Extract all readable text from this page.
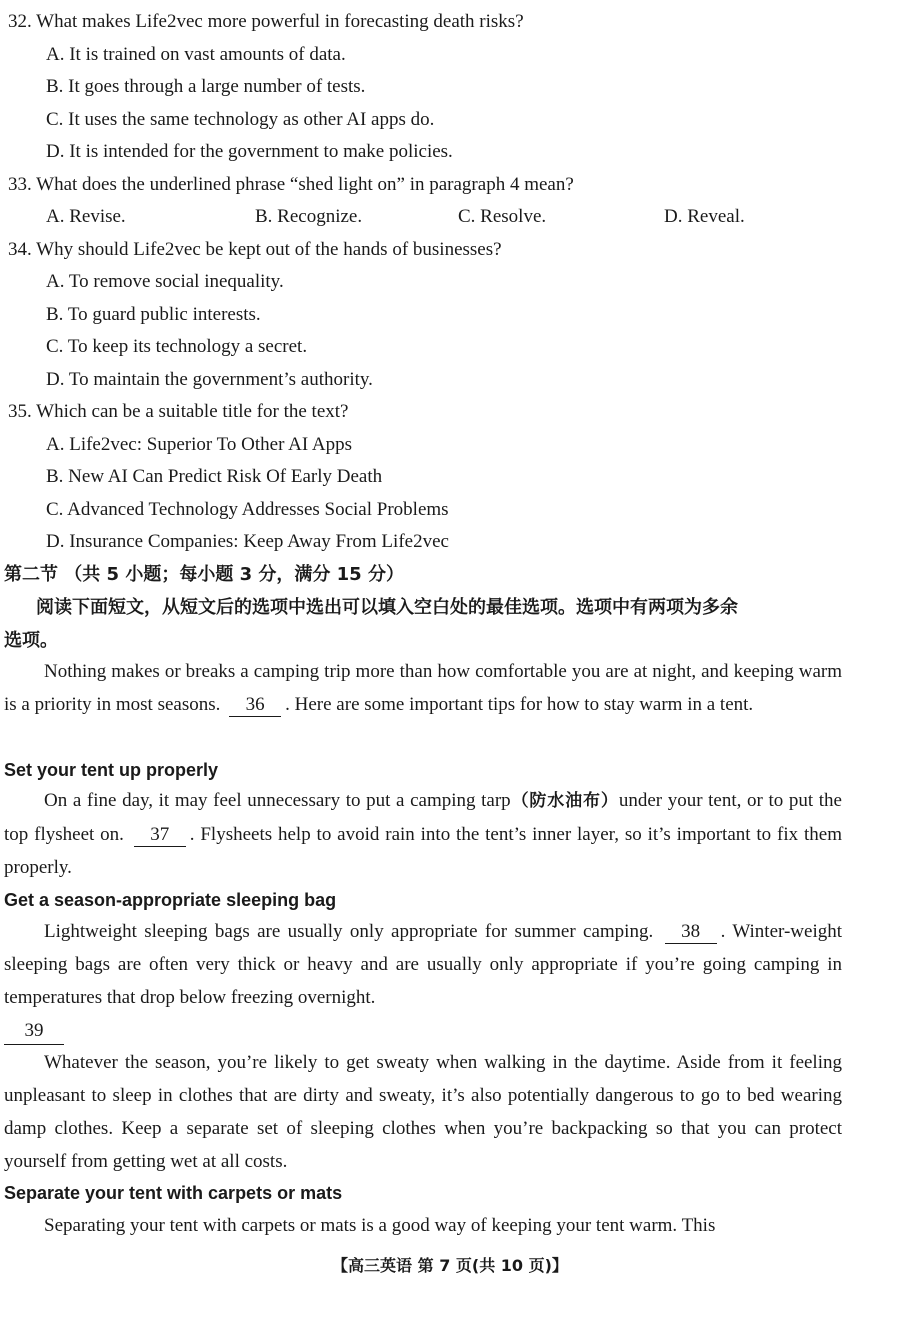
32. What makes Life2vec more powerful in forecasting death risks?
A. It is trained on vast amounts of data.
B. It goes through a large number of tests.
C. It uses the same technology as other AI apps do.
D. It is intended for the government to make policies.
33. What does the underlined phrase “shed light on” in paragraph 4 mean?
A. Revise.	B. Recognize.	C. Resolve.	D. Reveal.
34. Why should Life2vec be kept out of the hands of businesses?
A. To remove social inequality.
B. To guard public interests.
C. To keep its technology a secret.
D. To maintain the government’s authority.
35. Which can be a suitable title for the text?
A. Life2vec: Superior To Other AI Apps
B. New AI Can Predict Risk Of Early Death
C. Advanced Technology Addresses Social Problems
D. Insurance Companies: Keep Away From Life2vec
第二节 （共 5 小题；每小题 3 分，满分 15 分）
阅读下面短文，从短文后的选项中选出可以填入空白处的最佳选项。选项中有两项为多余
选项。
Nothing makes or breaks a camping trip more than how comfortable you are at night, and keeping warm is a priority in most seasons. 36 . Here are some important tips for how to stay warm in a tent.
Set your tent up properly
On a fine day, it may feel unnecessary to put a camping tarp（防水油布）under your tent, or to put the top flysheet on. 37 . Flysheets help to avoid rain into the tent’s inner layer, so it’s important to fix them properly.
Get a season-appropriate sleeping bag
Lightweight sleeping bags are usually only appropriate for summer camping. 38 . Winter-weight sleeping bags are often very thick or heavy and are usually only appropriate if you’re going camping in temperatures that drop below freezing overnight.
39
Whatever the season, you’re likely to get sweaty when walking in the daytime. Aside from it feeling unpleasant to sleep in clothes that are dirty and sweaty, it’s also potentially dangerous to go to bed wearing damp clothes. Keep a separate set of sleeping clothes when you’re backpacking so that you can protect yourself from getting wet at all costs.
Separate your tent with carpets or mats
Separating your tent with carpets or mats is a good way of keeping your tent warm. This
【高三英语 第 7 页(共 10 页)】
